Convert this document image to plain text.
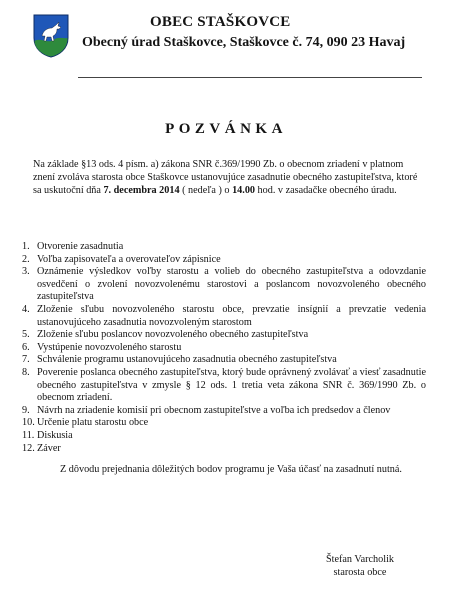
OBEC STAŠKOVCE
Obecný úrad Staškovce, Staškovce č. 74, 090 23 Havaj
POZVÁNKA
Na základe §13 ods. 4 písm. a) zákona SNR č.369/1990 Zb. o obecnom zriadení v platnom znení zvoláva starosta obce Staškovce ustanovujúce zasadnutie obecného zastupiteľstva, ktoré sa uskutoční dňa 7. decembra 2014 ( nedeľa ) o 14.00 hod. v zasadačke obecného úradu.
1. Otvorenie zasadnutia
2. Voľba zapisovateľa a overovateľov zápisnice
3. Oznámenie výsledkov voľby starostu a volieb do obecného zastupiteľstva a odovzdanie osvedčení o zvolení novozvolenému starostovi a poslancom novozvoleného obecného zastupiteľstva
4. Zloženie sľubu novozvoleného starostu obce, prevzatie insígnií a prevzatie vedenia ustanovujúceho zasadnutia novozvoleným starostom
5. Zloženie sľubu poslancov novozvoleného obecného zastupiteľstva
6. Vystúpenie novozvoleného starostu
7. Schválenie programu ustanovujúceho zasadnutia obecného zastupiteľstva
8. Poverenie poslanca obecného zastupiteľstva, ktorý bude oprávnený zvolávať a viesť zasadnutie obecného zastupiteľstva v zmysle § 12 ods. 1 tretia veta zákona SNR č. 369/1990 Zb. o obecnom zriadení.
9. Návrh na zriadenie komisií pri obecnom zastupiteľstve a voľba ich predsedov a členov
10. Určenie platu starostu obce
11. Diskusia
12. Záver
Z dôvodu prejednania dôležitých bodov programu je Vaša účasť na zasadnutí nutná.
Štefan Varcholik
starosta obce
